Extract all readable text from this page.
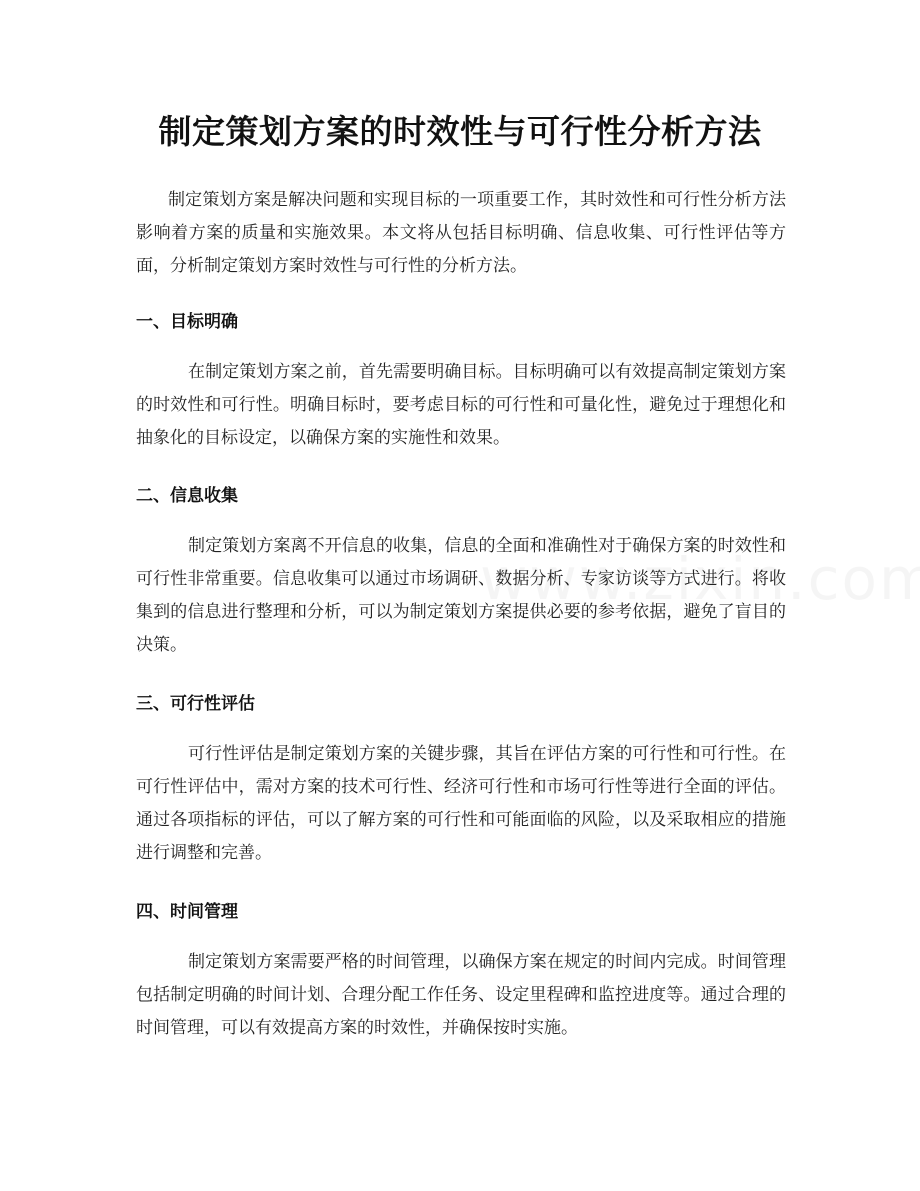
制定策划方案的时效性与可行性分析方法
制定策划方案是解决问题和实现目标的一项重要工作，其时效性和可行性分析方法影响着方案的质量和实施效果。本文将从包括目标明确、信息收集、可行性评估等方面，分析制定策划方案时效性与可行性的分析方法。
一、目标明确
在制定策划方案之前，首先需要明确目标。目标明确可以有效提高制定策划方案的时效性和可行性。明确目标时，要考虑目标的可行性和可量化性，避免过于理想化和抽象化的目标设定，以确保方案的实施性和效果。
二、信息收集
制定策划方案离不开信息的收集，信息的全面和准确性对于确保方案的时效性和可行性非常重要。信息收集可以通过市场调研、数据分析、专家访谈等方式进行。将收集到的信息进行整理和分析，可以为制定策划方案提供必要的参考依据，避免了盲目的决策。
三、可行性评估
可行性评估是制定策划方案的关键步骤，其旨在评估方案的可行性和可行性。在可行性评估中，需对方案的技术可行性、经济可行性和市场可行性等进行全面的评估。通过各项指标的评估，可以了解方案的可行性和可能面临的风险，以及采取相应的措施进行调整和完善。
四、时间管理
制定策划方案需要严格的时间管理，以确保方案在规定的时间内完成。时间管理包括制定明确的时间计划、合理分配工作任务、设定里程碑和监控进度等。通过合理的时间管理，可以有效提高方案的时效性，并确保按时实施。
